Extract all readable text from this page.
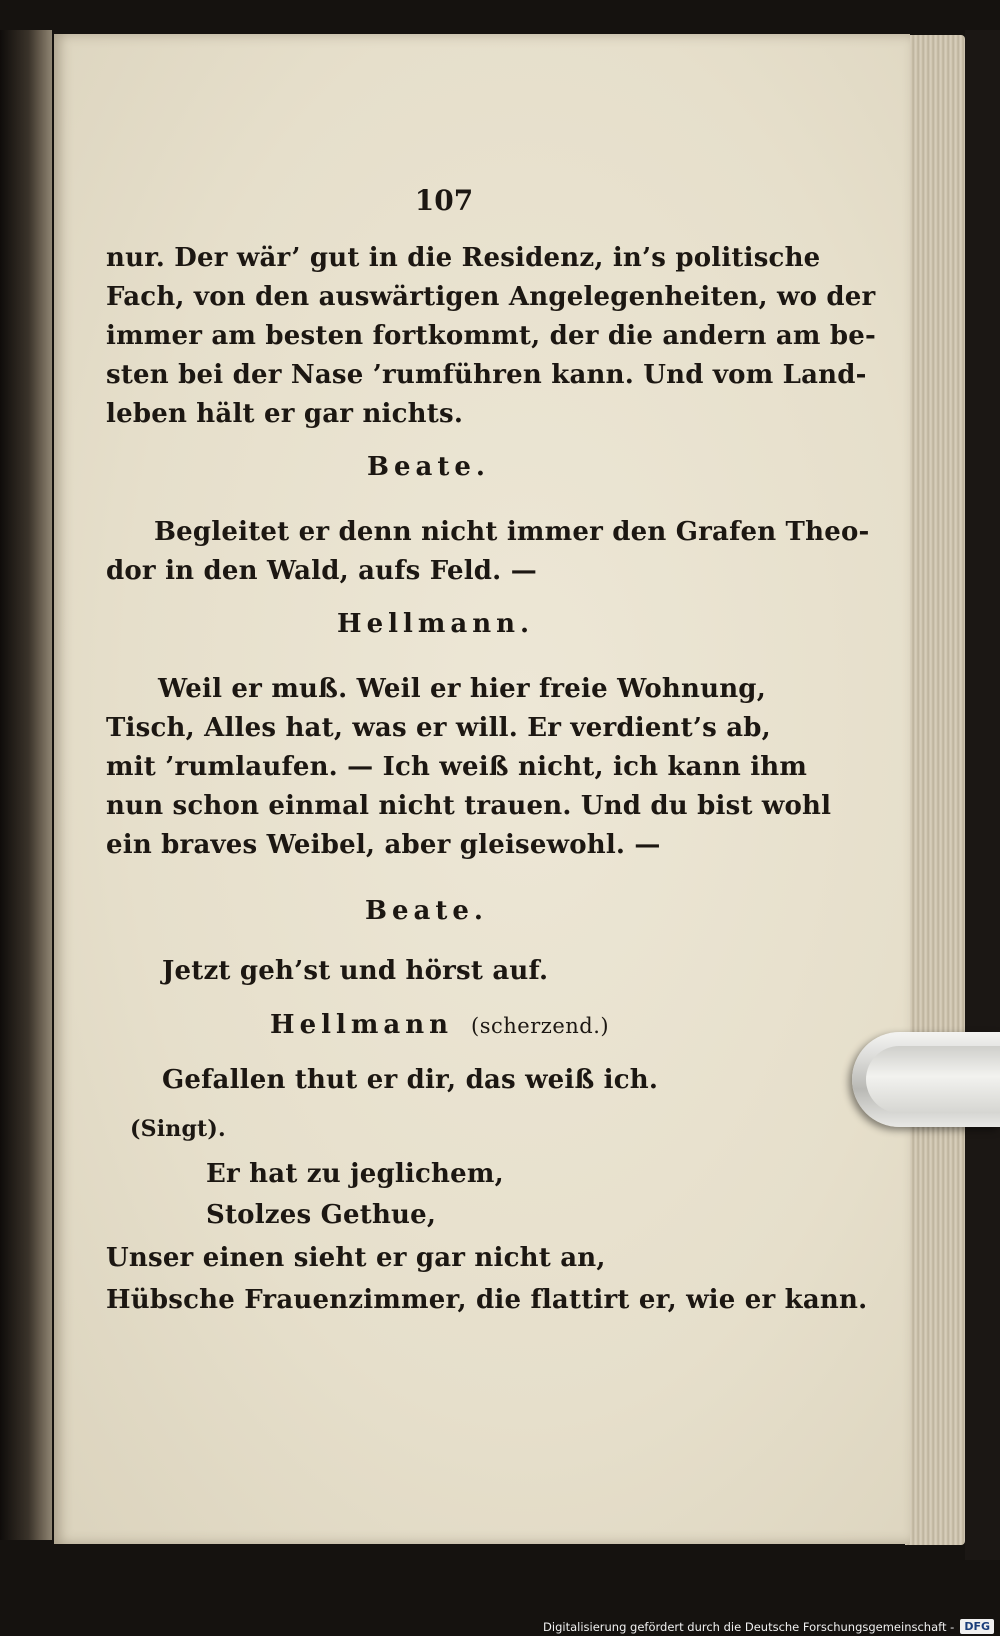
107
nur. Der wär’ gut in die Residenz, in’s politische
Fach, von den auswärtigen Angelegenheiten, wo der
immer am besten fortkommt, der die andern am be-
sten bei der Nase ’rumführen kann. Und vom Land-
leben hält er gar nichts.
Beate.
Begleitet er denn nicht immer den Grafen Theo-
dor in den Wald, aufs Feld. —
Hellmann.
Weil er muß. Weil er hier freie Wohnung,
Tisch, Alles hat, was er will. Er verdient’s ab,
mit ’rumlaufen. — Ich weiß nicht, ich kann ihm
nun schon einmal nicht trauen. Und du bist wohl
ein braves Weibel, aber gleisewohl. —
Beate.
Jetzt geh’st und hörst auf.
Hellmann (scherzend.)
Gefallen thut er dir, das weiß ich.
(Singt).
Er hat zu jeglichem,
Stolzes Gethue,
Unser einen sieht er gar nicht an,
Hübsche Frauenzimmer, die flattirt er, wie er kann.
Digitalisierung gefördert durch die Deutsche Forschungsgemeinschaft - DFG
